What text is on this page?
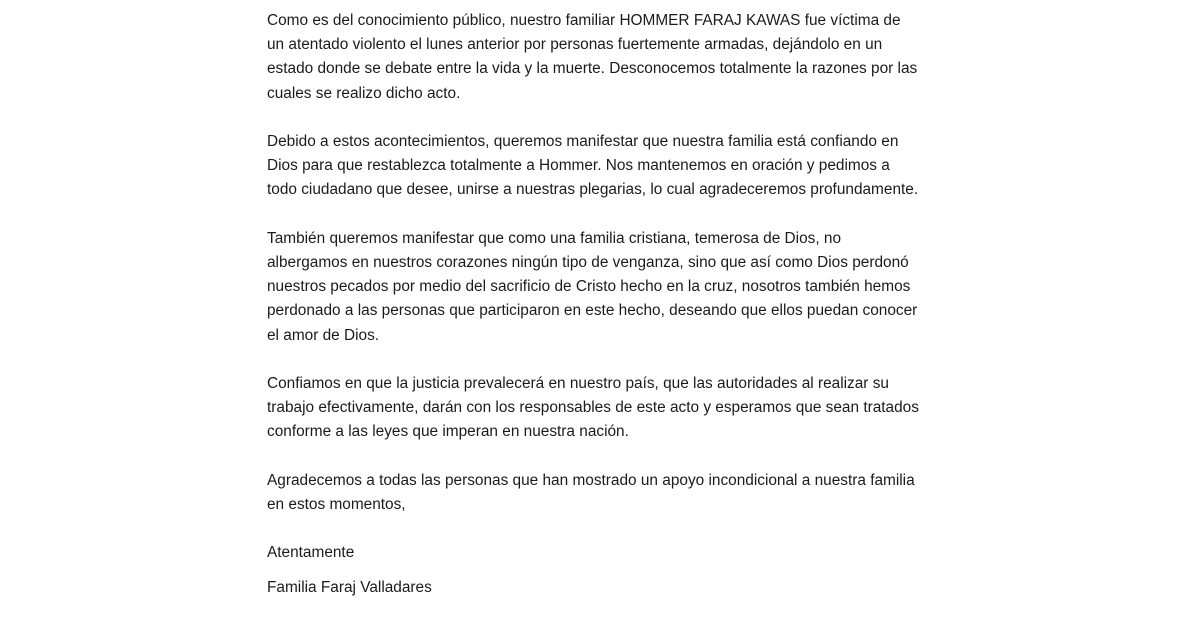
Como es del conocimiento público, nuestro familiar HOMMER FARAJ KAWAS fue víctima de
un atentado violento el lunes anterior por personas fuertemente armadas, dejándolo en un
estado donde se debate entre la vida y la muerte. Desconocemos totalmente la razones por las
cuales se realizo dicho acto.

Debido a estos acontecimientos, queremos manifestar que nuestra familia está confiando en
Dios para que restablezca totalmente a Hommer. Nos mantenemos en oración y pedimos a
todo ciudadano que desee, unirse a nuestras plegarias, lo cual agradeceremos profundamente.

También queremos manifestar que como una familia cristiana, temerosa de Dios, no
albergamos en nuestros corazones ningún tipo de venganza, sino que así como Dios perdonó
nuestros pecados por medio del sacrificio de Cristo hecho en la cruz, nosotros también hemos
perdonado a las personas que participaron en este hecho, deseando que ellos puedan conocer
el amor de Dios.

Confiamos en que la justicia prevalecerá en nuestro país, que las autoridades al realizar su
trabajo efectivamente, darán con los responsables de este acto y esperamos que sean tratados
conforme a las leyes que imperan en nuestra nación.

Agradecemos a todas las personas que han mostrado un apoyo incondicional a nuestra familia
en estos momentos,

Atentamente

Familia Faraj Valladares
